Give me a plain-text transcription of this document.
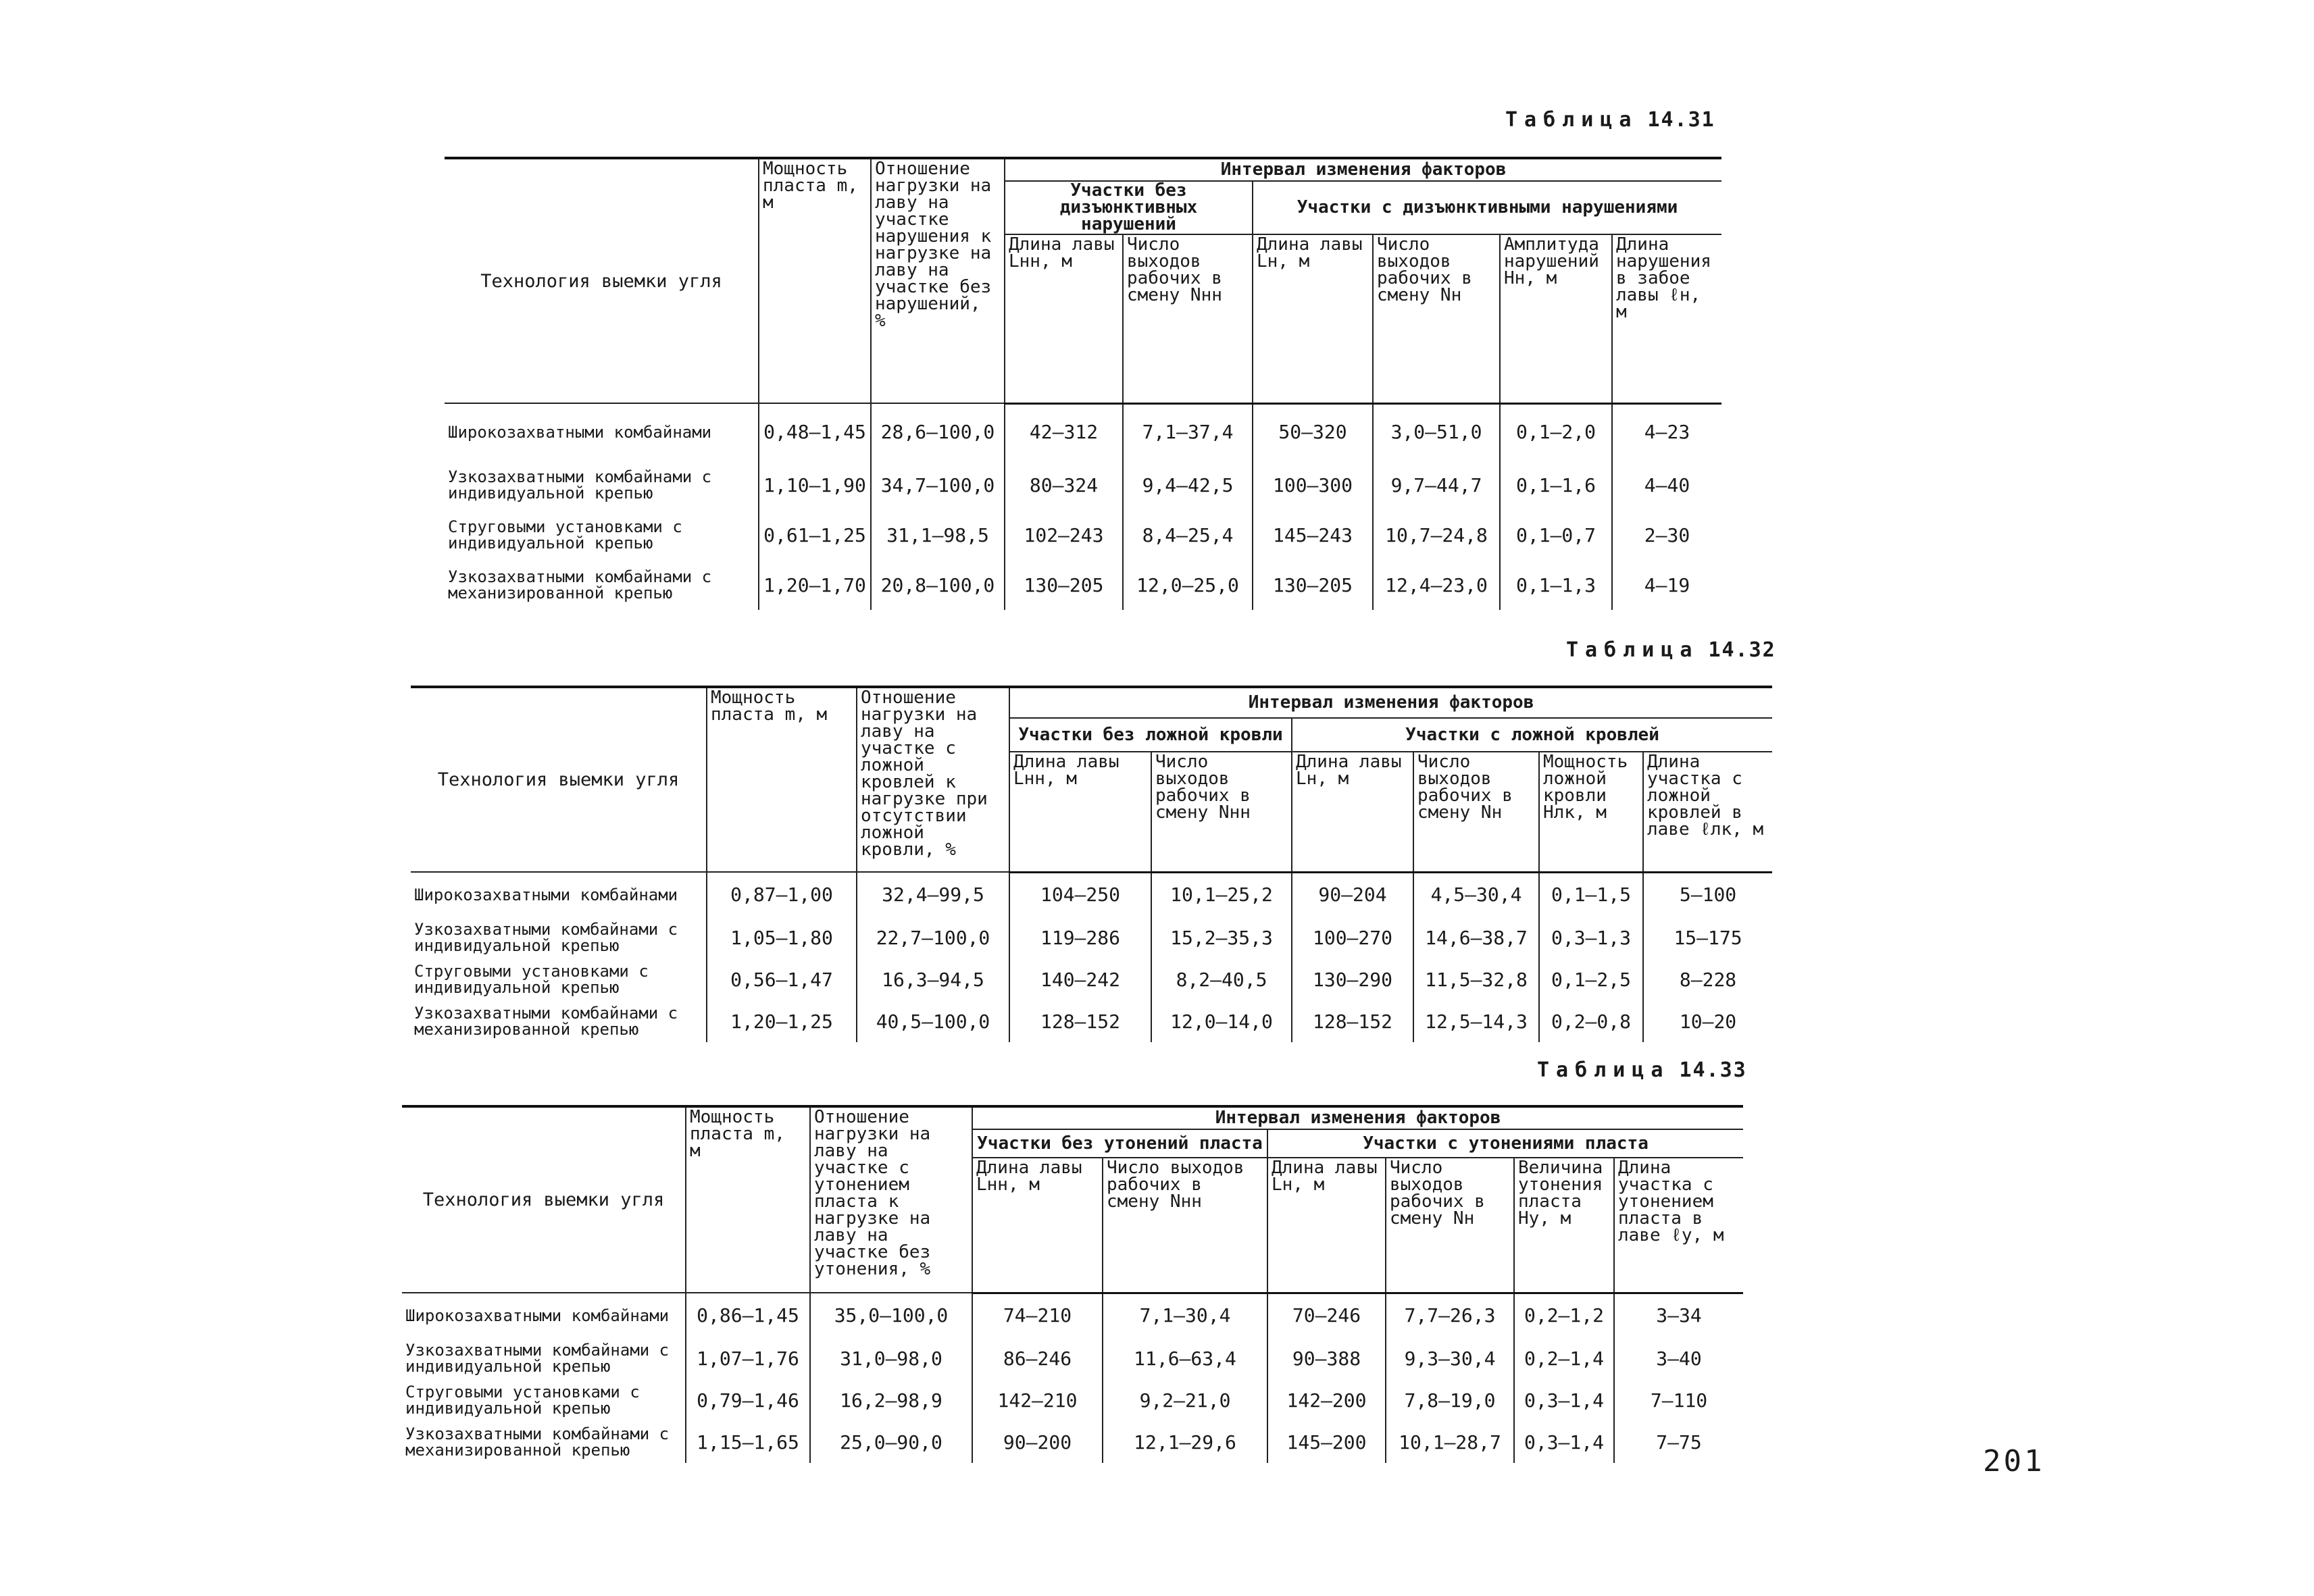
Таблица 14.31
Технология выемки угля	Мощность пласта m, м	Отношение нагрузки на лаву на участке нарушения к нагрузке на лаву на участке без нарушений, %	Интервал изменения факторов					
			Участки без дизъюнктивных нарушений		Участки с дизъюнктивными нарушениями			
			Длина лавы Lнн, м	Число выходов рабочих в смену Nнн	Длина лавы Lн, м	Число выходов рабочих в смену Nн	Амплитуда нарушений Hн, м	Длина нарушения в забое лавы ℓн, м
Широкозахватными комбайнами	0,48–1,45	28,6–100,0	42–312	7,1–37,4	50–320	3,0–51,0	0,1–2,0	4–23
Узкозахватными комбайнами с индивидуальной крепью	1,10–1,90	34,7–100,0	80–324	9,4–42,5	100–300	9,7–44,7	0,1–1,6	4–40
Струговыми установками с индивидуальной крепью	0,61–1,25	31,1–98,5	102–243	8,4–25,4	145–243	10,7–24,8	0,1–0,7	2–30
Узкозахватными комбайнами с механизированной крепью	1,20–1,70	20,8–100,0	130–205	12,0–25,0	130–205	12,4–23,0	0,1–1,3	4–19
Таблица 14.32
Технология выемки угля	Мощность пласта m, м	Отношение нагрузки на лаву на участке с ложной кровлей к нагрузке при отсутствии ложной кровли, %	Интервал изменения факторов					
			Участки без ложной кровли		Участки с ложной кровлей			
			Длина лавы Lнн, м	Число выходов рабочих в смену Nнн	Длина лавы Lн, м	Число выходов рабочих в смену Nн	Мощность ложной кровли Hлк, м	Длина участка с ложной кровлей в лаве ℓлк, м
Широкозахватными комбайнами	0,87–1,00	32,4–99,5	104–250	10,1–25,2	90–204	4,5–30,4	0,1–1,5	5–100
Узкозахватными комбайнами с индивидуальной крепью	1,05–1,80	22,7–100,0	119–286	15,2–35,3	100–270	14,6–38,7	0,3–1,3	15–175
Струговыми установками с индивидуальной крепью	0,56–1,47	16,3–94,5	140–242	8,2–40,5	130–290	11,5–32,8	0,1–2,5	8–228
Узкозахватными комбайнами с механизированной крепью	1,20–1,25	40,5–100,0	128–152	12,0–14,0	128–152	12,5–14,3	0,2–0,8	10–20
Таблица 14.33
Технология выемки угля	Мощность пласта m, м	Отношение нагрузки на лаву на участке с утонением пласта к нагрузке на лаву на участке без утонения, %	Интервал изменения факторов					
			Участки без утонений пласта		Участки с утонениями пласта			
			Длина лавы Lнн, м	Число выходов рабочих в смену Nнн	Длина лавы Lн, м	Число выходов рабочих в смену Nн	Величина утонения пласта Hу, м	Длина участка с утонением пласта в лаве ℓу, м
Широкозахватными комбайнами	0,86–1,45	35,0–100,0	74–210	7,1–30,4	70–246	7,7–26,3	0,2–1,2	3–34
Узкозахватными комбайнами с индивидуальной крепью	1,07–1,76	31,0–98,0	86–246	11,6–63,4	90–388	9,3–30,4	0,2–1,4	3–40
Струговыми установками с индивидуальной крепью	0,79–1,46	16,2–98,9	142–210	9,2–21,0	142–200	7,8–19,0	0,3–1,4	7–110
Узкозахватными комбайнами с механизированной крепью	1,15–1,65	25,0–90,0	90–200	12,1–29,6	145–200	10,1–28,7	0,3–1,4	7–75
201
